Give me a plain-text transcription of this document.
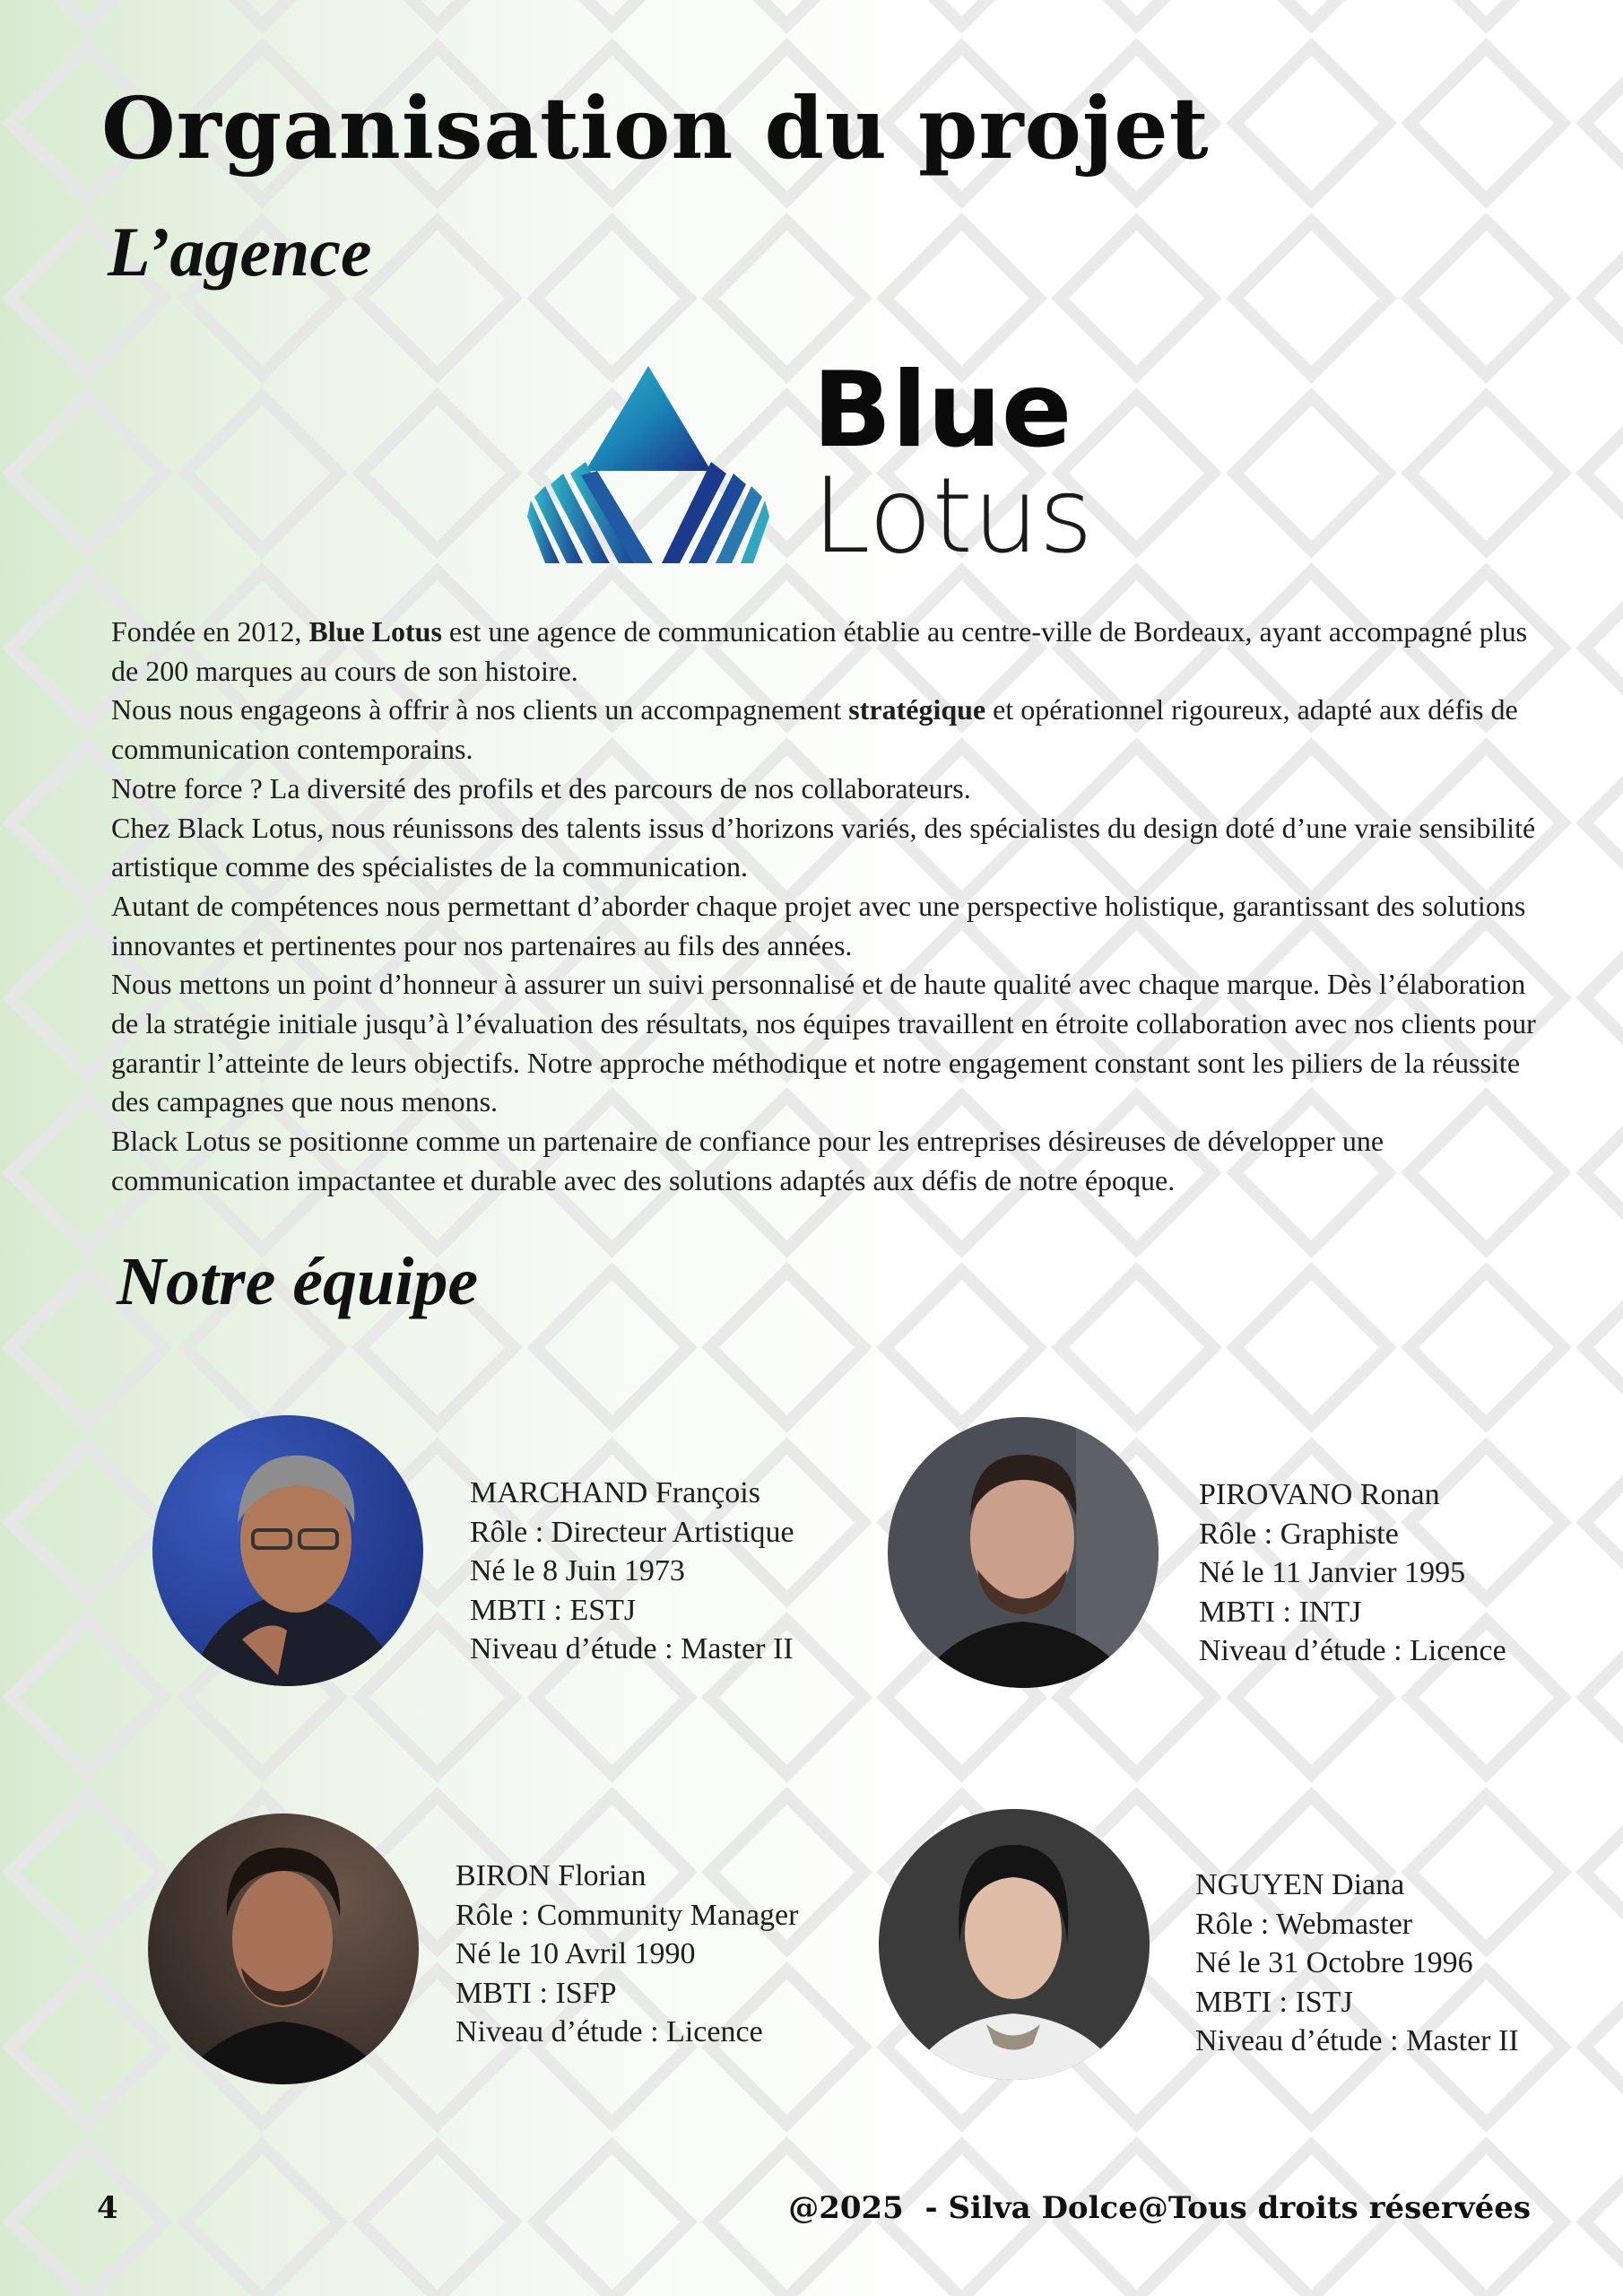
Organisation du projet
L’agence
Blue
Lotus

Fondée en 2012, Blue Lotus est une agence de communication établie au centre-ville de Bordeaux, ayant accompagné plus de 200 marques au cours de son histoire.

Nous nous engageons à offrir à nos clients un accompagnement stratégique et opérationnel rigoureux, adapté aux défis de communication contemporains.

Notre force ? La diversité des profils et des parcours de nos collaborateurs.

Chez Black Lotus, nous réunissons des talents issus d’horizons variés, des spécialistes du design doté d’une vraie sensibilité artistique comme des spécialistes de la communication.

Autant de compétences nous permettant d’aborder chaque projet avec une perspective holistique, garantissant des solutions innovantes et pertinentes pour nos partenaires au fils des années.

Nous mettons un point d’honneur à assurer un suivi personnalisé et de haute qualité avec chaque marque. Dès l’élaboration de la stratégie initiale jusqu’à l’évaluation des résultats, nos équipes travaillent en étroite collaboration avec nos clients pour garantir l’atteinte de leurs objectifs. Notre approche méthodique et notre engagement constant sont les piliers de la réussite des campagnes que nous menons.

Black Lotus se positionne comme un partenaire de confiance pour les entreprises désireuses de développer une communication impactantee et durable avec des solutions adaptés aux défis de notre époque.

Notre équipe
MARCHAND François
Rôle : Directeur Artistique
Né le 8 Juin 1973
MBTI : ESTJ
Niveau d’étude : Master II
PIROVANO Ronan
Rôle : Graphiste
Né le 11 Janvier 1995
MBTI : INTJ
Niveau d’étude : Licence
BIRON Florian
Rôle : Community Manager
Né le 10 Avril 1990
MBTI : ISFP
Niveau d’étude : Licence
NGUYEN Diana
Rôle : Webmaster
Né le 31 Octobre 1996
MBTI : ISTJ
Niveau d’étude : Master II
4	@2025  - Silva Dolce@Tous droits réservées
